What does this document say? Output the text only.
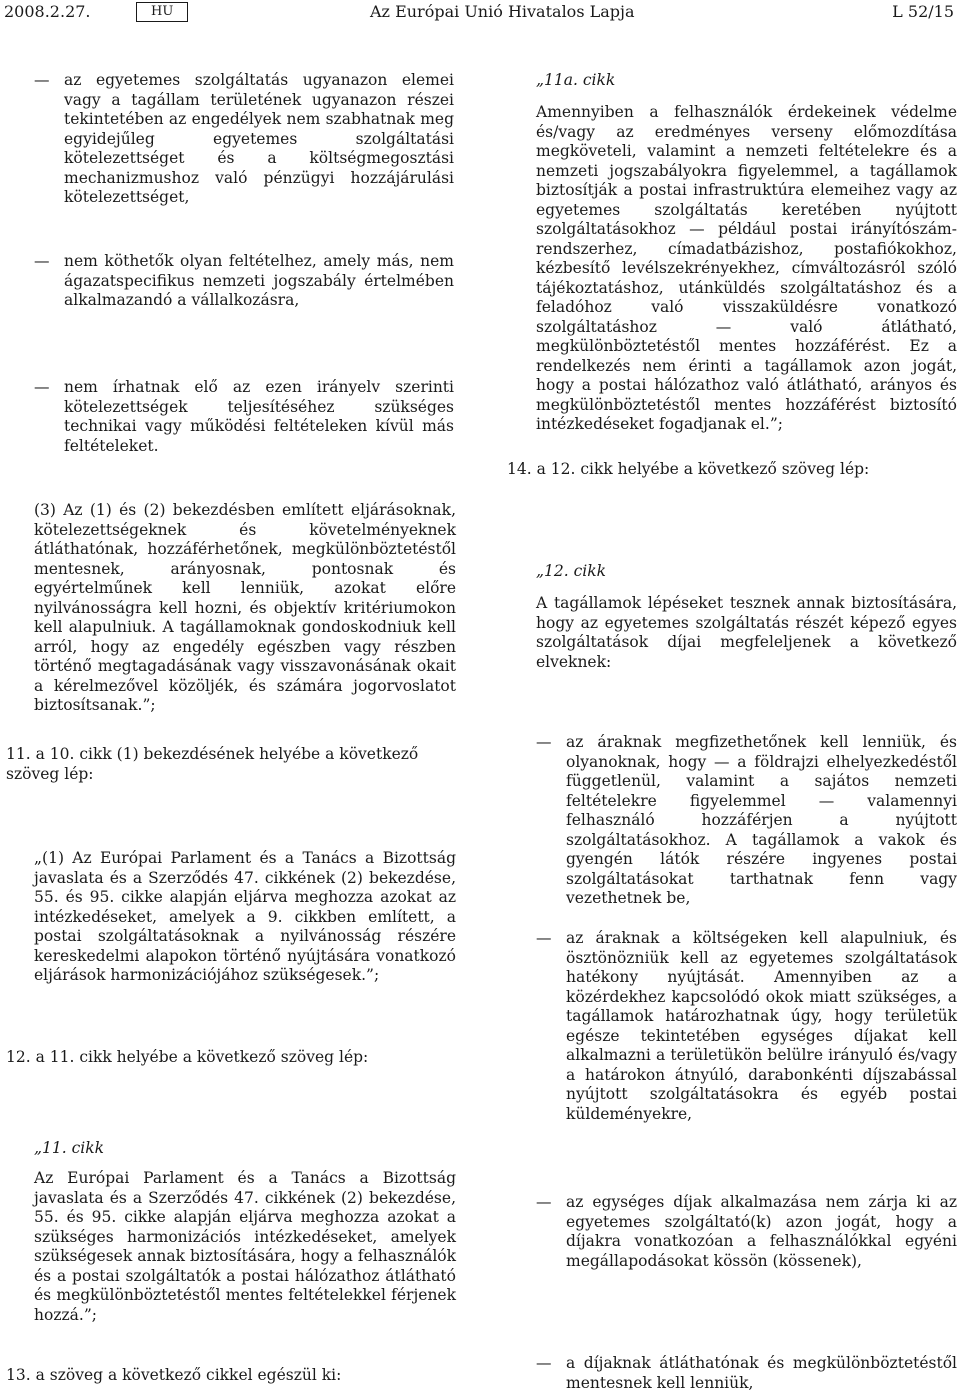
2008.2.27.	HU	Az Európai Unió Hivatalos Lapja	L 52/15
— az egyetemes szolgáltatás ugyanazon elemei vagy a tagállam területének ugyanazon részei tekintetében az engedélyek nem szabhatnak meg egyidejűleg egyetemes szolgáltatási kötelezettséget és a költségmegosztási mechanizmushoz való pénzügyi hozzájárulási kötelezettséget,

— nem köthetők olyan feltételhez, amely más, nem ágazatspecifikus nemzeti jogszabály értelmében alkalmazandó a vállalkozásra,

— nem írhatnak elő az ezen irányelv szerinti kötelezettségek teljesítéséhez szükséges technikai vagy működési feltételeken kívül más feltételeket.

(3) Az (1) és (2) bekezdésben említett eljárásoknak, kötelezettségeknek és követelményeknek átláthatónak, hozzáférhetőnek, megkülönböztetéstől mentesnek, arányosnak, pontosnak és egyértelműnek kell lenniük, azokat előre nyilvánosságra kell hozni, és objektív kritériumokon kell alapulniuk. A tagállamoknak gondoskodniuk kell arról, hogy az engedély egészben vagy részben történő megtagadásának vagy visszavonásának okait a kérelmezővel közöljék, és számára jogorvoslatot biztosítsanak.”;

11. a 10. cikk (1) bekezdésének helyébe a következő szöveg lép:

„(1) Az Európai Parlament és a Tanács a Bizottság javaslata és a Szerződés 47. cikkének (2) bekezdése, 55. és 95. cikke alapján eljárva meghozza azokat az intézkedéseket, amelyek a 9. cikkben említett, a postai szolgáltatásoknak a nyilvánosság részére kereskedelmi alapokon történő nyújtására vonatkozó eljárások harmonizációjához szükségesek.”;

12. a 11. cikk helyébe a következő szöveg lép:

„11. cikk

Az Európai Parlament és a Tanács a Bizottság javaslata és a Szerződés 47. cikkének (2) bekezdése, 55. és 95. cikke alapján eljárva meghozza azokat a szükséges harmonizációs intézkedéseket, amelyek szükségesek annak biztosítására, hogy a felhasználók és a postai szolgáltatók a postai hálózathoz átlátható és megkülönböztetéstől mentes feltételekkel férjenek hozzá.”;

13. a szöveg a következő cikkel egészül ki:

„11a. cikk

Amennyiben a felhasználók érdekeinek védelme és/vagy az eredményes verseny előmozdítása megköveteli, valamint a nemzeti feltételekre és a nemzeti jogszabályokra figyelemmel, a tagállamok biztosítják a postai infrastruktúra elemeihez vagy az egyetemes szolgáltatás keretében nyújtott szolgáltatásokhoz — például postai irányítószám-rendszerhez, címadatbázishoz, postafiókokhoz, kézbesítő levélszekrényekhez, címváltozásról szóló tájékoztatáshoz, utánküldés szolgáltatáshoz és a feladóhoz való visszaküldésre vonatkozó szolgáltatáshoz — való átlátható, megkülönböztetéstől mentes hozzáférést. Ez a rendelkezés nem érinti a tagállamok azon jogát, hogy a postai hálózathoz való átlátható, arányos és megkülönböztetéstől mentes hozzáférést biztosító intézkedéseket fogadjanak el.”;

14. a 12. cikk helyébe a következő szöveg lép:

„12. cikk

A tagállamok lépéseket tesznek annak biztosítására, hogy az egyetemes szolgáltatás részét képező egyes szolgáltatások díjai megfeleljenek a következő elveknek:

— az áraknak megfizethetőnek kell lenniük, és olyanoknak, hogy — a földrajzi elhelyezkedéstől függetlenül, valamint a sajátos nemzeti feltételekre figyelemmel — valamennyi felhasználó hozzáférjen a nyújtott szolgáltatásokhoz. A tagállamok a vakok és gyengén látók részére ingyenes postai szolgáltatásokat tarthatnak fenn vagy vezethetnek be,

— az áraknak a költségeken kell alapulniuk, és ösztönözniük kell az egyetemes szolgáltatások hatékony nyújtását. Amennyiben az a közérdekhez kapcsolódó okok miatt szükséges, a tagállamok határozhatnak úgy, hogy területük egésze tekintetében egységes díjakat kell alkalmazni a területükön belülre irányuló és/vagy a határokon átnyúló, darabonkénti díjszabással nyújtott szolgáltatásokra és egyéb postai küldeményekre,

— az egységes díjak alkalmazása nem zárja ki az egyetemes szolgáltató(k) azon jogát, hogy a díjakra vonatkozóan a felhasználókkal egyéni megállapodásokat kössön (kössenek),

— a díjaknak átláthatónak és megkülönböztetéstől mentesnek kell lenniük,
